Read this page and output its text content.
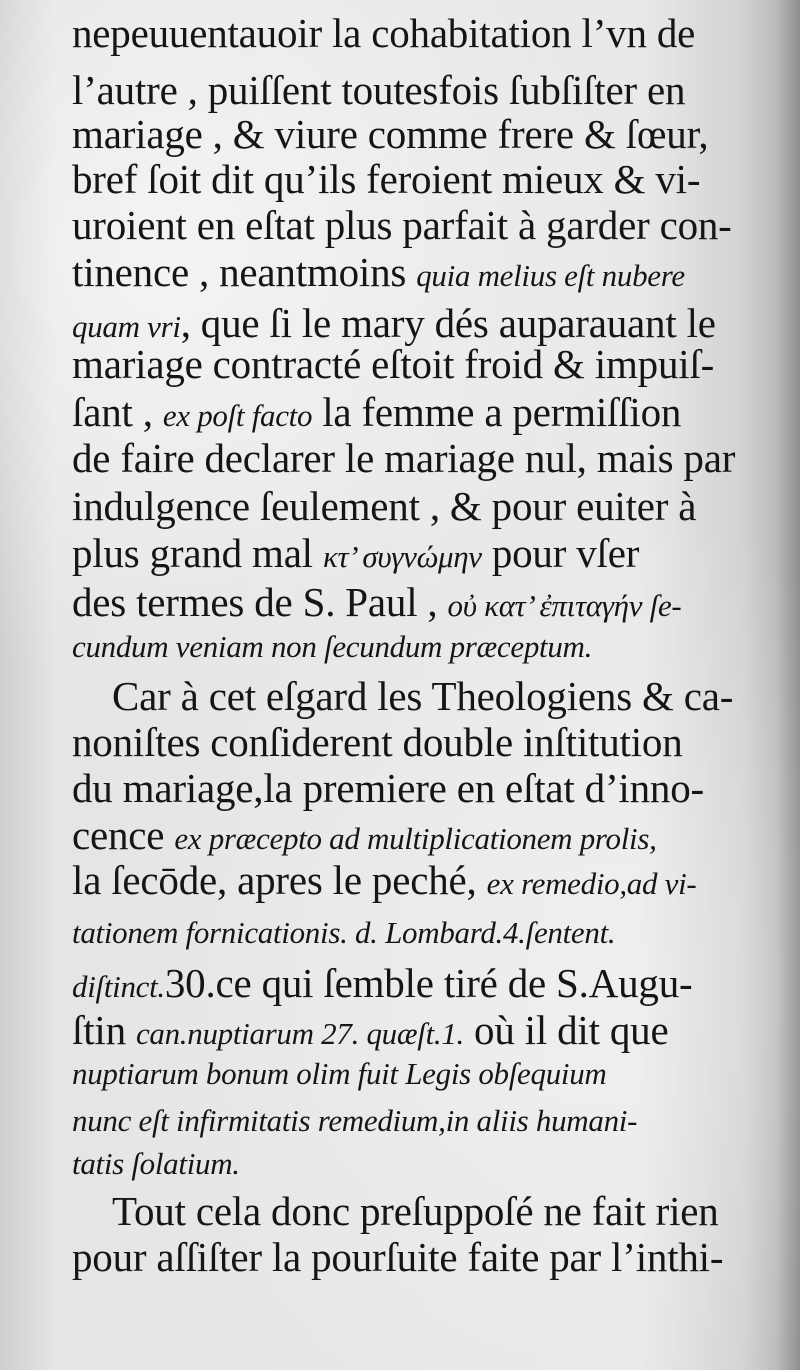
nepeuuentauoir la cohabitation l’vn de
l’autre , puiſſent toutesfois ſubſiſter en
mariage , & viure comme frere & ſœur,
bref ſoit dit qu’ils feroient mieux & vi-
uroient en eſtat plus parfait à garder con-
tinence , neantmoins quia melius eſt nubere
quam vri, que ſi le mary dés auparauant le
mariage contracté eſtoit froid & impuiſ-
ſant , ex poſt facto la femme a permiſſion
de faire declarer le mariage nul, mais par
indulgence ſeulement , & pour euiter à
plus grand mal κτ’ συγνώμην pour vſer
des termes de S. Paul , οὐ κατ’ ἐπιταγήν ſe-
cundum veniam non ſecundum præceptum.
Car à cet eſgard les Theologiens & ca-
noniſtes conſiderent double inſtitution
du mariage,la premiere en eſtat d’inno-
cence ex præcepto ad multiplicationem prolis,
la ſecōde, apres le peché, ex remedio,ad vi-
tationem fornicationis. d. Lombard.4.ſentent.
diſtinct.30.ce qui ſemble tiré de S.Augu-
ſtin can.nuptiarum 27. quæſt.1. où il dit que
nuptiarum bonum olim fuit Legis obſequium
nunc eſt infirmitatis remedium,in aliis humani-
tatis ſolatium.
Tout cela donc preſuppoſé ne fait rien
pour aſſiſter la pourſuite faite par l’inthi-
